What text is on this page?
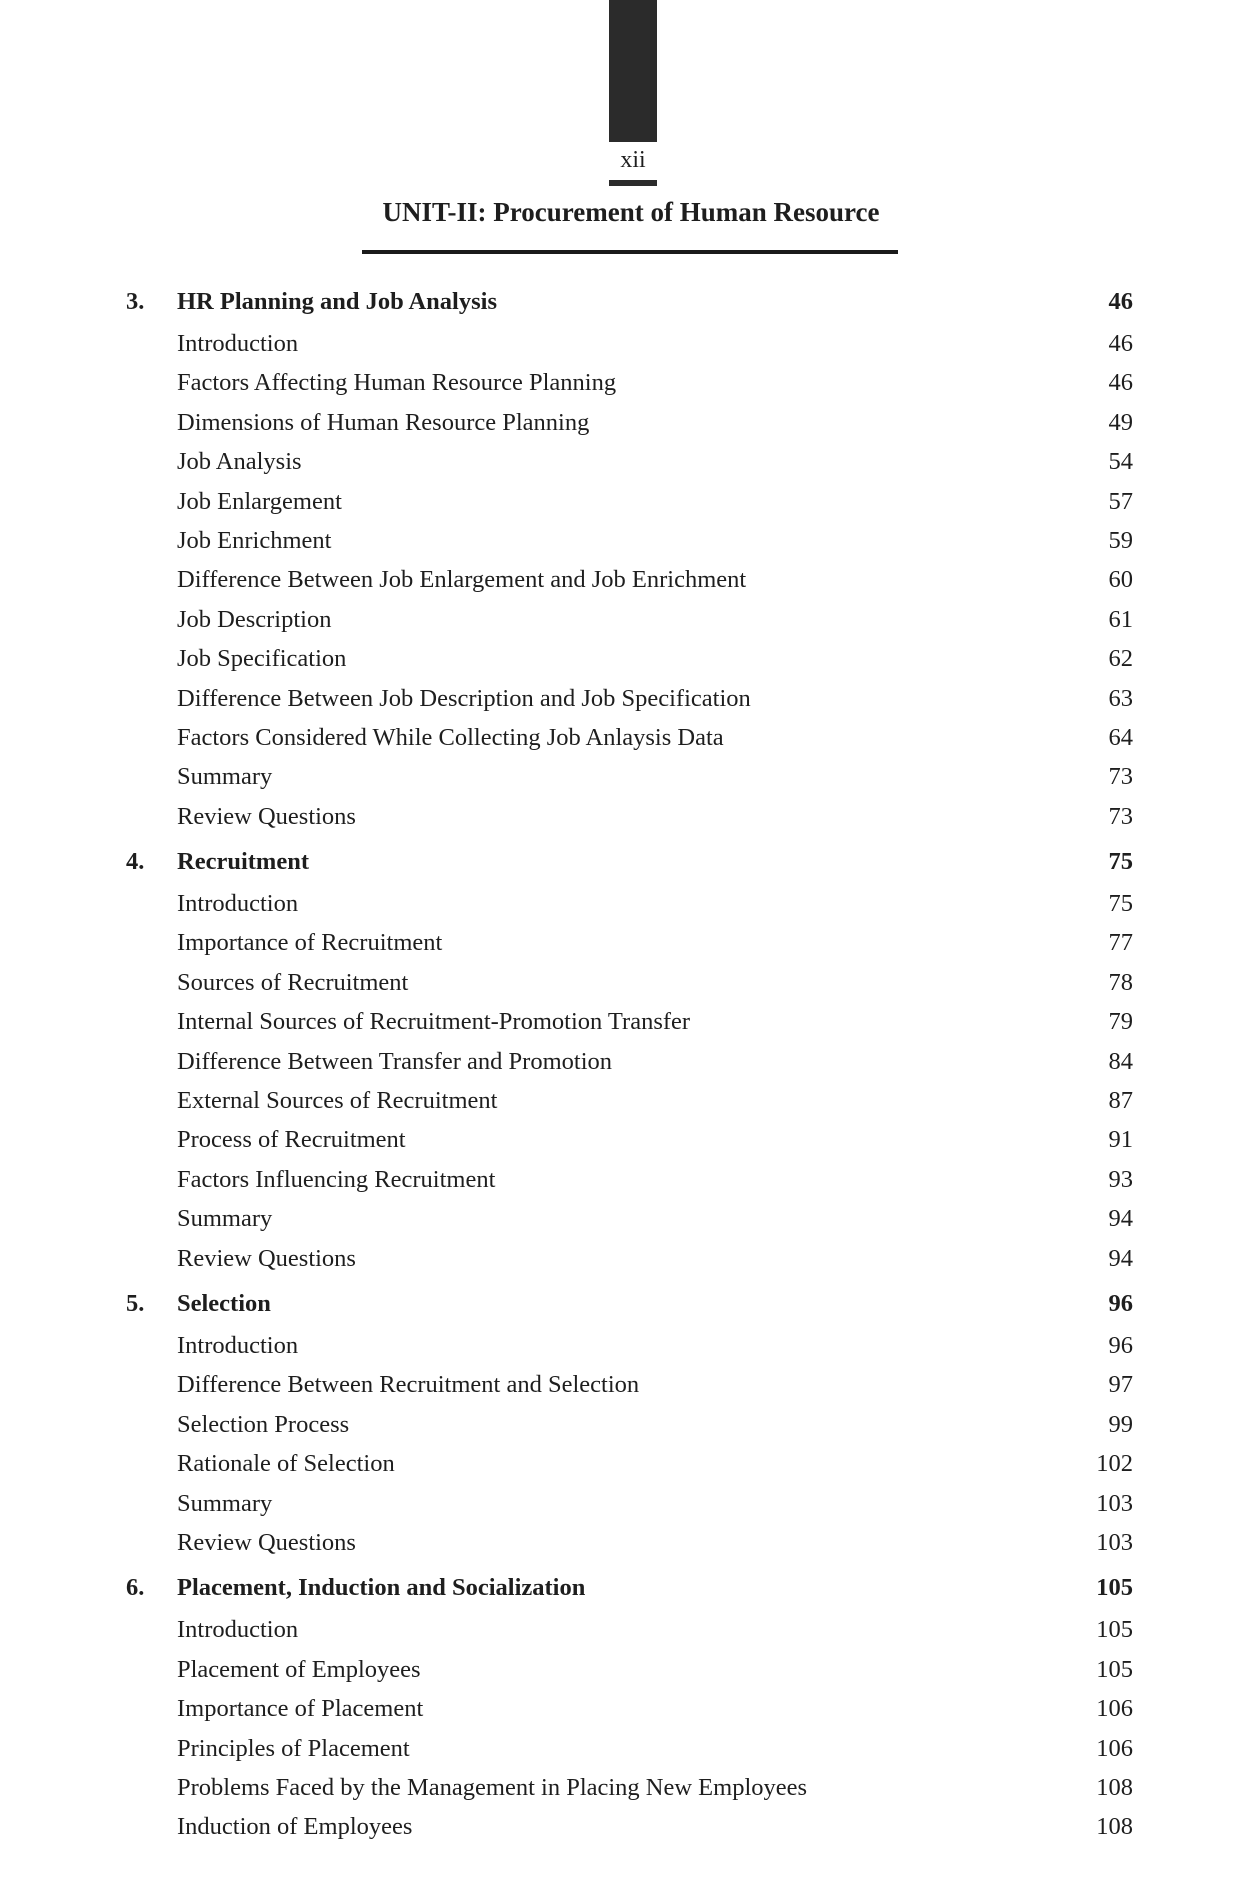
xii
UNIT-II: Procurement of Human Resource
3. HR Planning and Job Analysis	46
Introduction	46
Factors Affecting Human Resource Planning	46
Dimensions of Human Resource Planning	49
Job Analysis	54
Job Enlargement	57
Job Enrichment	59
Difference Between Job Enlargement and Job Enrichment	60
Job Description	61
Job Specification	62
Difference Between Job Description and Job Specification	63
Factors Considered While Collecting Job Anlaysis Data	64
Summary	73
Review Questions	73
4. Recruitment	75
Introduction	75
Importance of Recruitment	77
Sources of Recruitment	78
Internal Sources of Recruitment-Promotion Transfer	79
Difference Between Transfer and Promotion	84
External Sources of Recruitment	87
Process of Recruitment	91
Factors Influencing Recruitment	93
Summary	94
Review Questions	94
5. Selection	96
Introduction	96
Difference Between Recruitment and Selection	97
Selection Process	99
Rationale of Selection	102
Summary	103
Review Questions	103
6. Placement, Induction and Socialization	105
Introduction	105
Placement of Employees	105
Importance of Placement	106
Principles of Placement	106
Problems Faced by the Management in Placing New Employees	108
Induction of Employees	108
